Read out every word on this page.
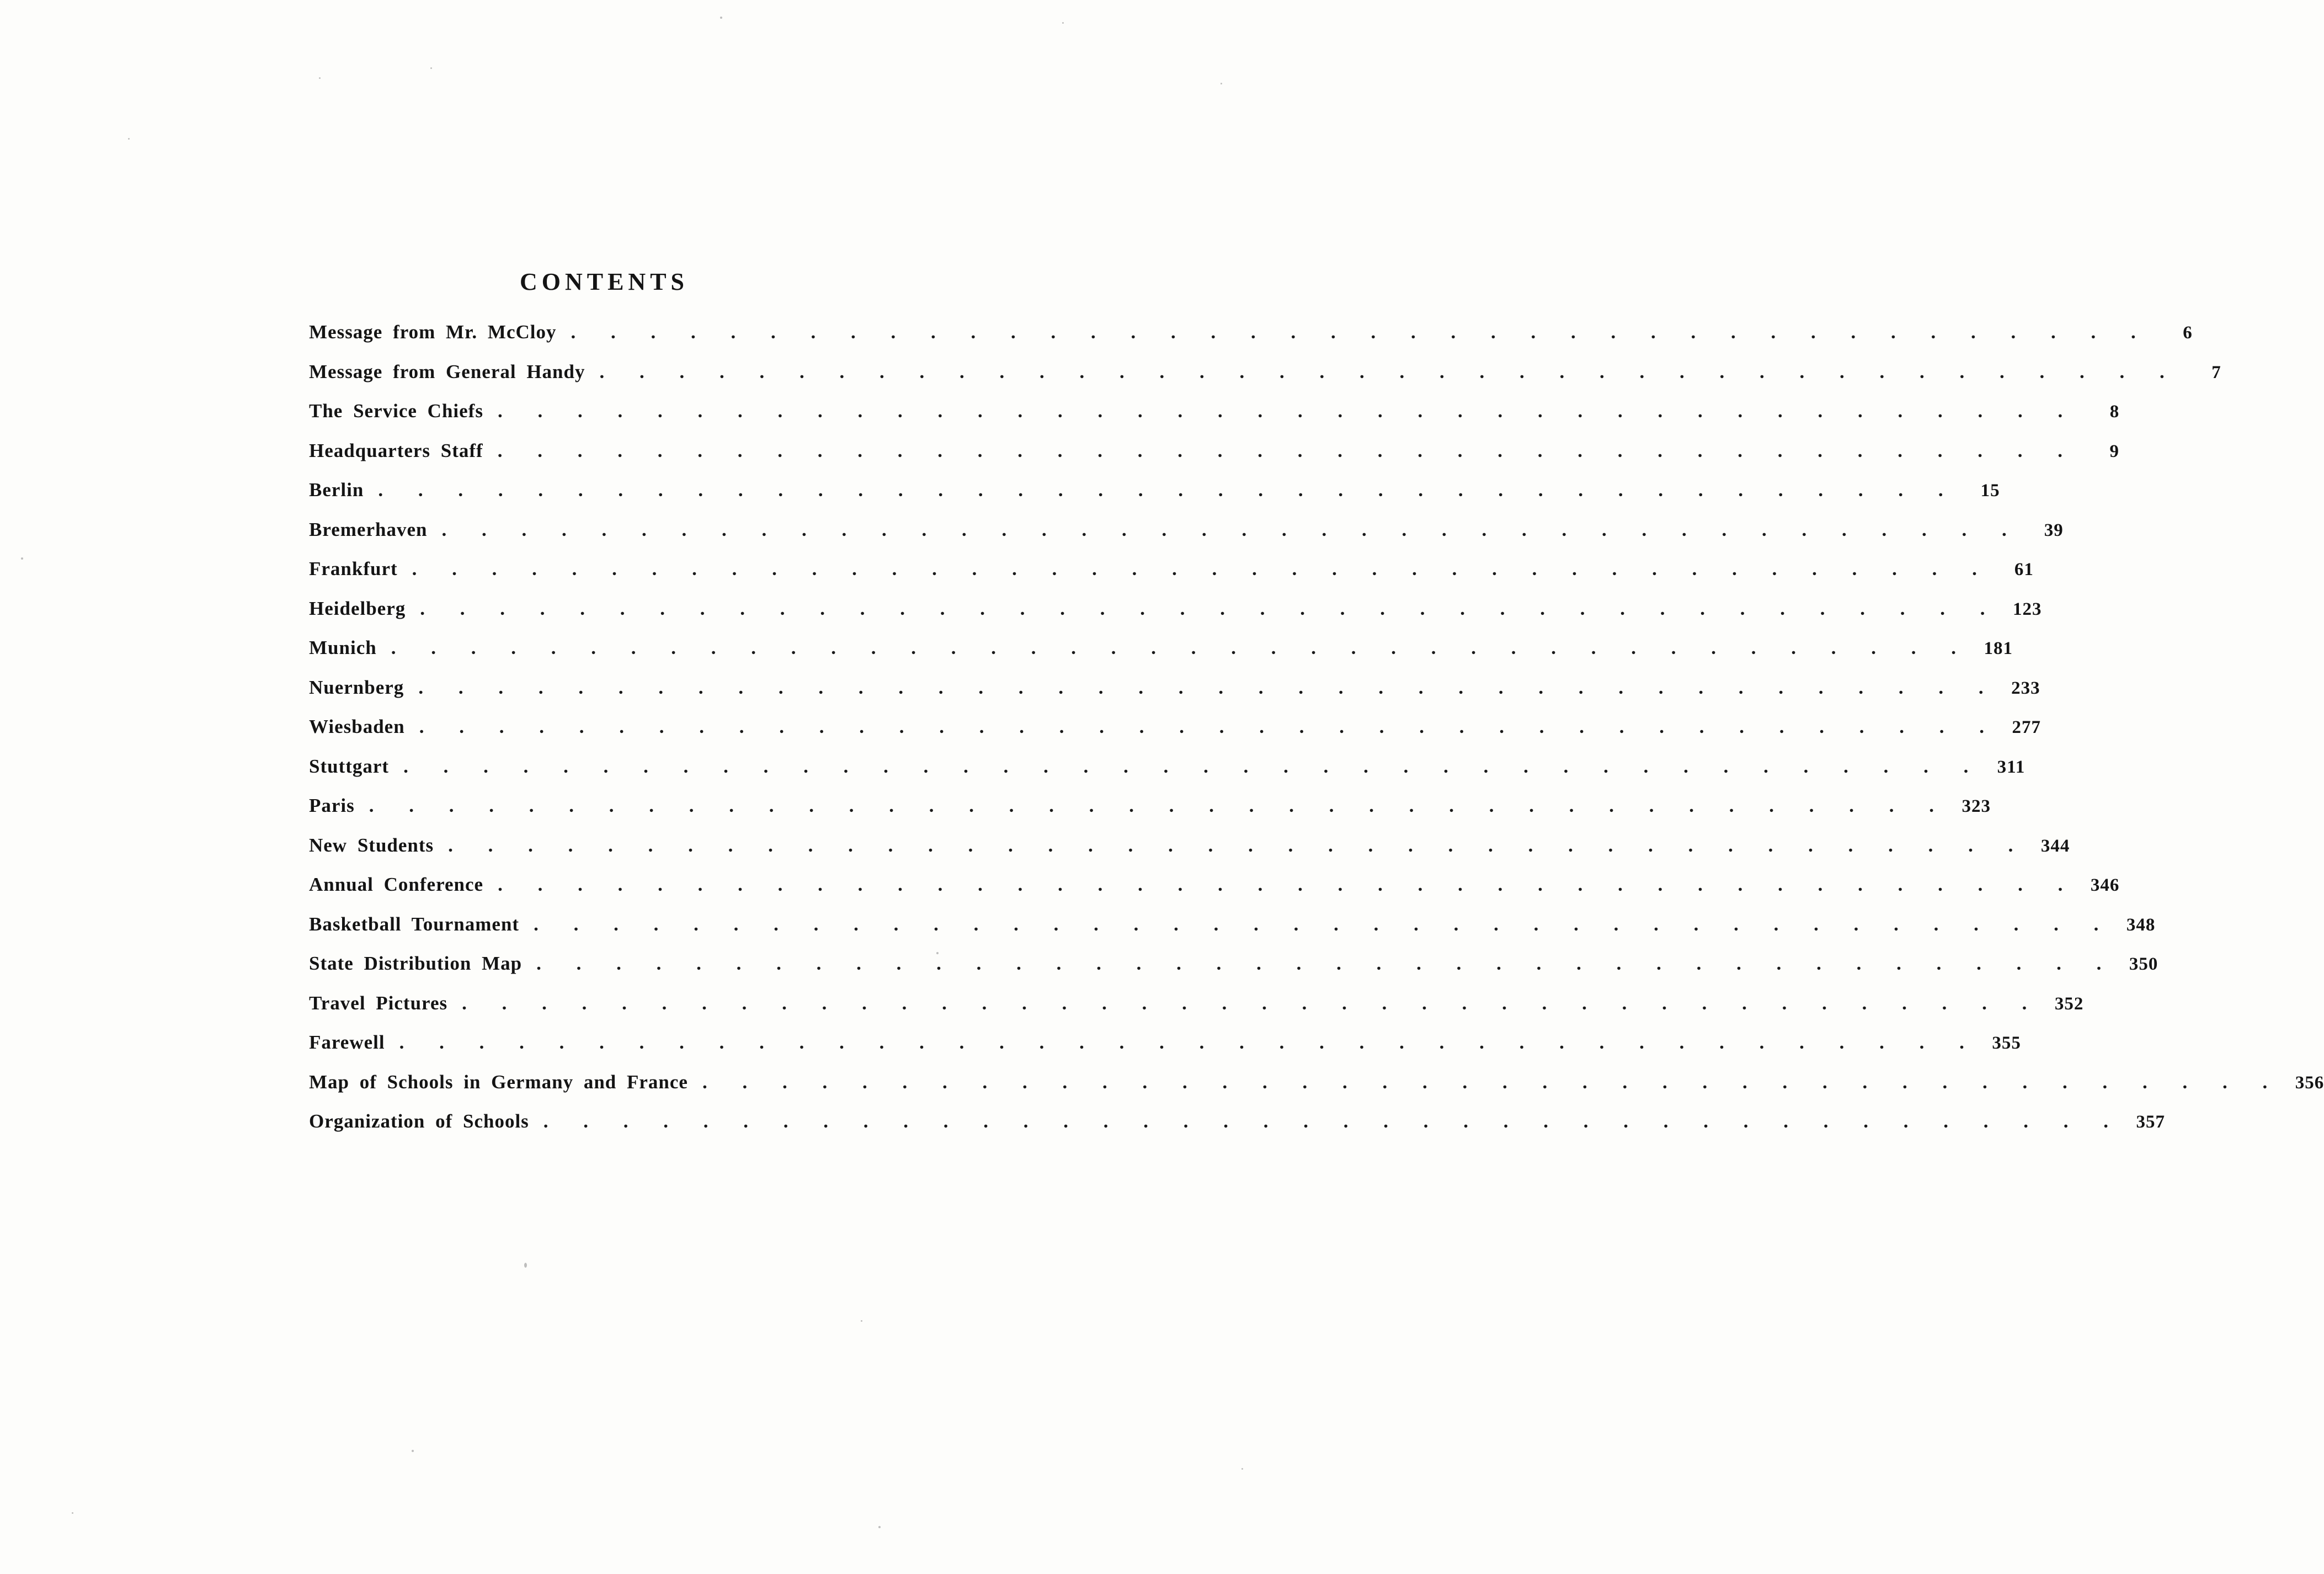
CONTENTS
Message from Mr. McCloy . . . . . . . . . . . . . . . . . . . . . . . . . . . . . . . . . . . . . . . .	6
Message from General Handy . . . . . . . . . . . . . . . . . . . . . . . . . . . . . . . . . . . . . . . .	7
The Service Chiefs . . . . . . . . . . . . . . . . . . . . . . . . . . . . . . . . . . . . . . . .	8
Headquarters Staff . . . . . . . . . . . . . . . . . . . . . . . . . . . . . . . . . . . . . . . .	9
Berlin . . . . . . . . . . . . . . . . . . . . . . . . . . . . . . . . . . . . . . . .	15
Bremerhaven . . . . . . . . . . . . . . . . . . . . . . . . . . . . . . . . . . . . . . . .	39
Frankfurt . . . . . . . . . . . . . . . . . . . . . . . . . . . . . . . . . . . . . . . .	61
Heidelberg . . . . . . . . . . . . . . . . . . . . . . . . . . . . . . . . . . . . . . . . 123
Munich . . . . . . . . . . . . . . . . . . . . . . . . . . . . . . . . . . . . . . . . 181
Nuernberg . . . . . . . . . . . . . . . . . . . . . . . . . . . . . . . . . . . . . . . . 233
Wiesbaden . . . . . . . . . . . . . . . . . . . . . . . . . . . . . . . . . . . . . . . . 277
Stuttgart . . . . . . . . . . . . . . . . . . . . . . . . . . . . . . . . . . . . . . . . 311
Paris . . . . . . . . . . . . . . . . . . . . . . . . . . . . . . . . . . . . . . . . 323
New Students . . . . . . . . . . . . . . . . . . . . . . . . . . . . . . . . . . . . . . . . 344
Annual Conference . . . . . . . . . . . . . . . . . . . . . . . . . . . . . . . . . . . . . . . . 346
Basketball Tournament . . . . . . . . . . . . . . . . . . . . . . . . . . . . . . . . . . . . . . . . 348
State Distribution Map . . . . . . . . . . . . . . . . . . . . . . . . . . . . . . . . . . . . . . . . 350
Travel Pictures . . . . . . . . . . . . . . . . . . . . . . . . . . . . . . . . . . . . . . . . 352
Farewell . . . . . . . . . . . . . . . . . . . . . . . . . . . . . . . . . . . . . . . . 355
Map of Schools in Germany and France . . . . . . . . . . . . . . . . . . . . . . . . . . . . . . . . . . . . . . . . 356
Organization of Schools . . . . . . . . . . . . . . . . . . . . . . . . . . . . . . . . . . . . . . . . 357
